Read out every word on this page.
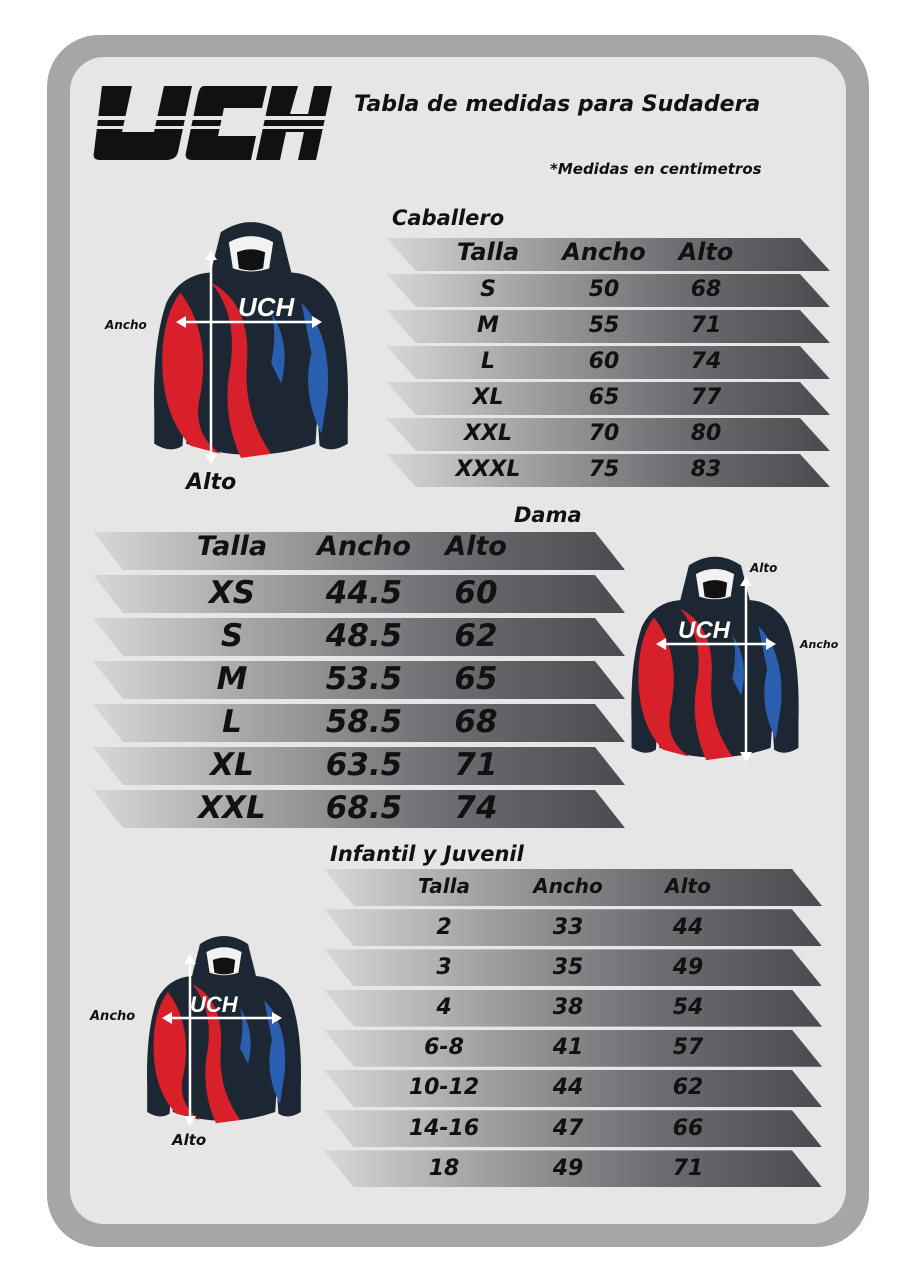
Tabla de medidas para Sudadera
*Medidas en centimetros
Caballero
UCH
Ancho
Alto
Talla	Ancho	Alto
S	50	68
M	55	71
L	60	74
XL	65	77
XXL	70	80
XXXL	75	83
Dama
UCH
Alto
Ancho
Talla	Ancho	Alto
XS	44.5	60
S	48.5	62
M	53.5	65
L	58.5	68
XL	63.5	71
XXL	68.5	74
Infantil y Juvenil
UCH
Ancho
Alto
Talla	Ancho	Alto
2	33	44
3	35	49
4	38	54
6-8	41	57
10-12	44	62
14-16	47	66
18	49	71
